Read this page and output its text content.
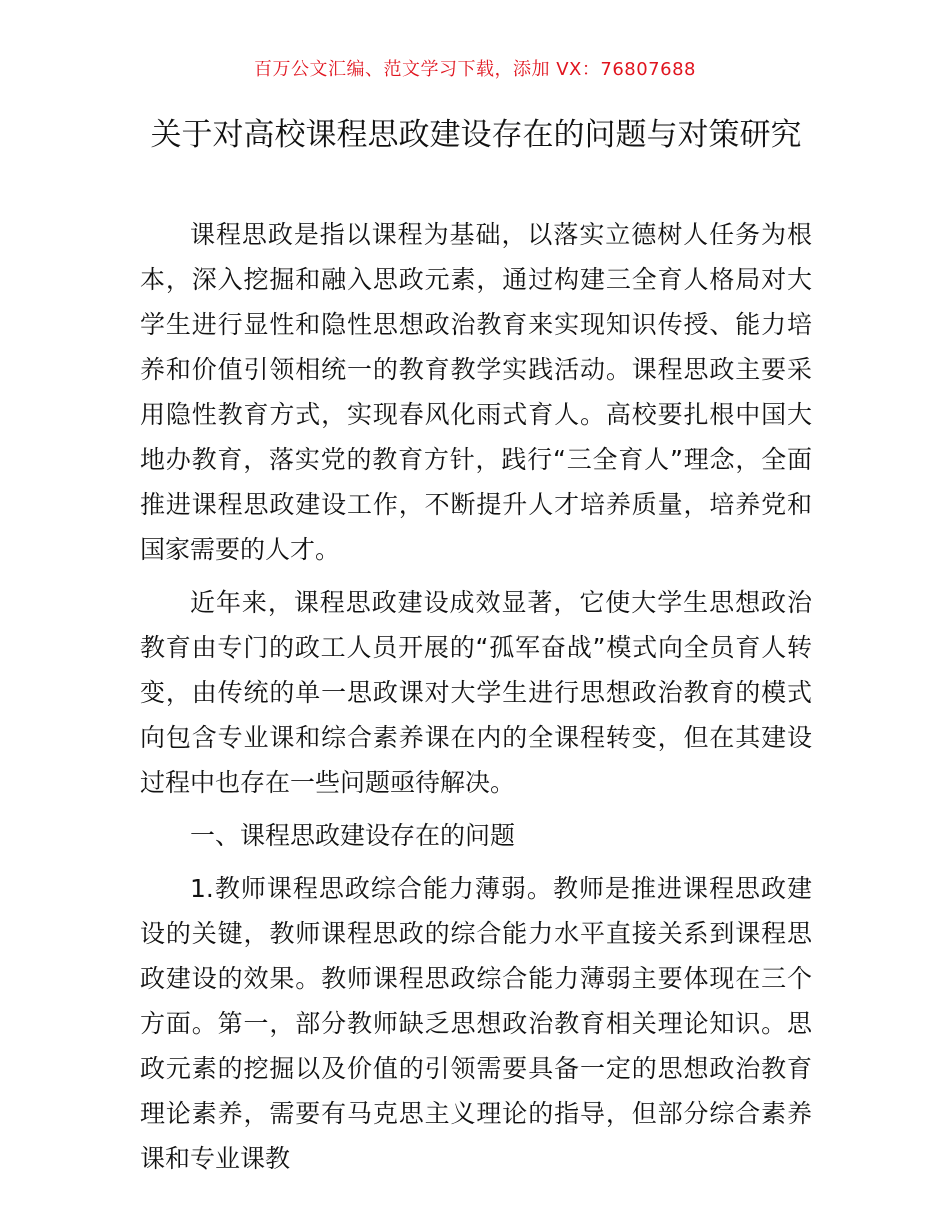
百万公文汇编、范文学习下载，添加 VX：76807688
关于对高校课程思政建设存在的问题与对策研究

课程思政是指以课程为基础，以落实立德树人任务为根本，深入挖掘和融入思政元素，通过构建三全育人格局对大学生进行显性和隐性思想政治教育来实现知识传授、能力培养和价值引领相统一的教育教学实践活动。课程思政主要采用隐性教育方式，实现春风化雨式育人。高校要扎根中国大地办教育，落实党的教育方针，践行“三全育人”理念，全面推进课程思政建设工作，不断提升人才培养质量，培养党和国家需要的人才。

近年来，课程思政建设成效显著，它使大学生思想政治教育由专门的政工人员开展的“孤军奋战”模式向全员育人转变，由传统的单一思政课对大学生进行思想政治教育的模式向包含专业课和综合素养课在内的全课程转变，但在其建设过程中也存在一些问题亟待解决。

一、课程思政建设存在的问题

1.教师课程思政综合能力薄弱。教师是推进课程思政建设的关键，教师课程思政的综合能力水平直接关系到课程思政建设的效果。教师课程思政综合能力薄弱主要体现在三个方面。第一，部分教师缺乏思想政治教育相关理论知识。思政元素的挖掘以及价值的引领需要具备一定的思想政治教育理论素养，需要有马克思主义理论的指导，但部分综合素养课和专业课教
